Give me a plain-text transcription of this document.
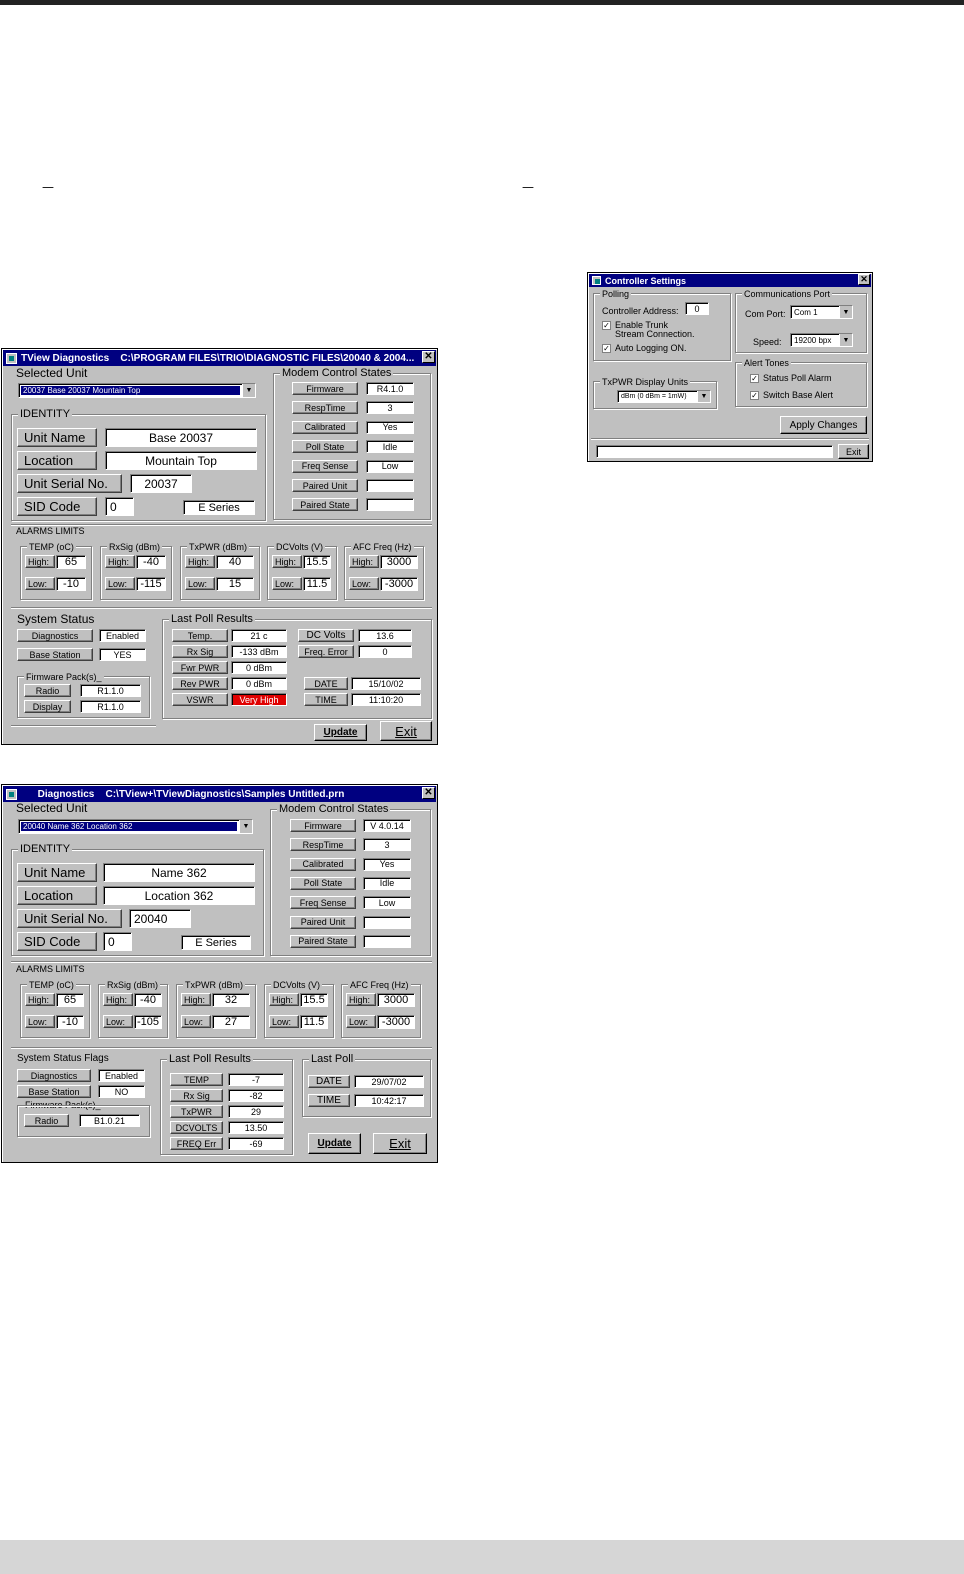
—	—
TView Diagnostics C:\PROGRAM FILES\TRIO\DIAGNOSTIC FILES\20040 & 2004...	✕
Selected Unit
20037 Base 20037 Mountain Top	▼
IDENTITY
Unit Name	Base 20037
Location	Mountain Top
Unit Serial No.	20037
SID Code	0	E Series
Modem Control States
ALARMS LIMITS
System Status
Diagnostics	Enabled
Base Station	YES
Firmware Pack(s)_
Radio	R1.1.0
Display	R1.1.0
Last Poll Results
DC Volts	13.6
Freq. Error	0
DATE	15/10/02
TIME	11:10:20
Update	Exit
Firmware	R4.1.0
RespTime	3
Calibrated	Yes
Poll State	Idle
Freq Sense	Low
Paired Unit
Paired State
TEMP (oC)
High:	65
Low:	-10
RxSig (dBm)
High:	-40
Low:	-115
TxPWR (dBm)
High:	40
Low:	15
DCVolts (V)
High: 15.5
Low:	11.5
AFC Freq (Hz)
High:	3000
Low:	-3000
Temp.	21 c
Rx Sig	-133 dBm
Fwr PWR	0 dBm
Rev PWR	0 dBm
VSWR	Very High
Diagnostics C:\TView+\TViewDiagnostics\Samples Untitled.prn	✕
Selected Unit
20040 Name 362 Location 362	▼
IDENTITY
Unit Name	Name 362
Location	Location 362
Unit Serial No.	20040
SID Code	0	E Series
Modem Control States
ALARMS LIMITS
System Status Flags
Diagnostics	Enabled
Base Station	NO
Firmware Pack(s)_
Radio	B1.0.21
Last Poll Results	Last Poll
DATE	29/07/02
TIME	10:42:17
Update	Exit
Firmware	V 4.0.14
RespTime	3
Calibrated	Yes
Poll State	Idle
Freq Sense	Low
Paired Unit
Paired State
TEMP (oC)
High:	65
Low:	-10
RxSig (dBm)
High:	-40
Low:	-105
TxPWR (dBm)
High:	32
Low:	27
DCVolts (V)
High: 15.5
Low:	11.5
AFC Freq (Hz)
High:	3000
Low:	-3000
TEMP	-7
Rx Sig	-82
TxPWR	29
DCVOLTS	13.50
FREQ Err	-69
Controller Settings	✕
Polling
Controller Address:	0
✓ Enable Trunk
Stream Connection.
✓ Auto Logging ON.
TxPWR Display Units
dBm (0 dBm = 1mW)	▼
Communications Port
Com Port:	Com 1	▼
Speed:	19200 bpx	▼
Alert Tones
✓ Status Poll Alarm
✓ Switch Base Alert
Apply Changes
Exit
